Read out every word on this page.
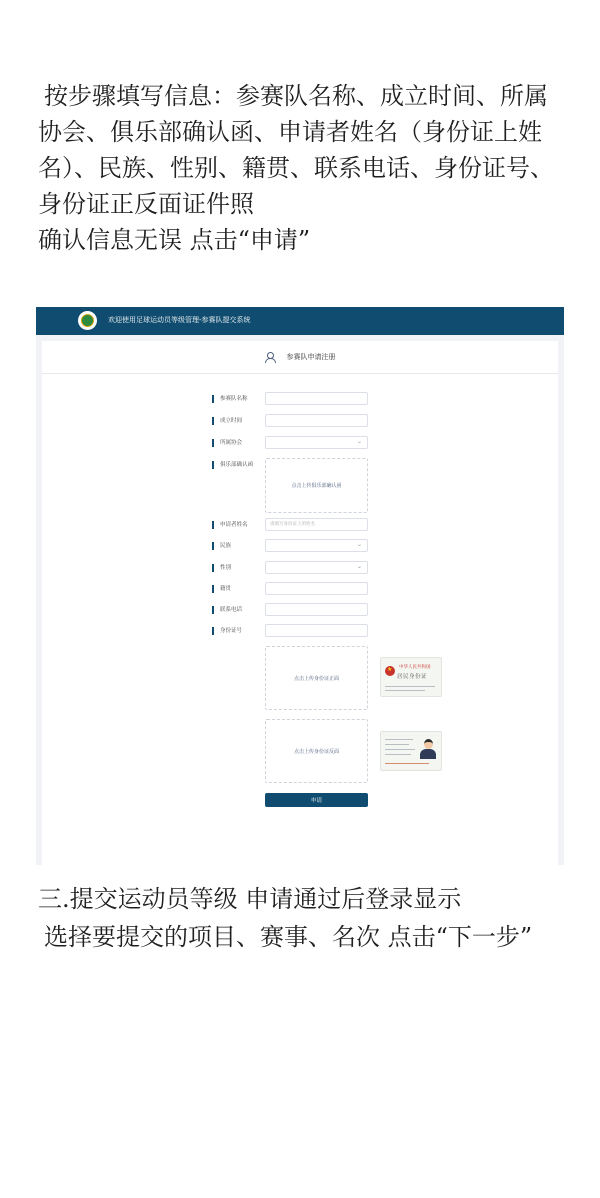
按步骤填写信息：参赛队名称、成立时间、所属协会、俱乐部确认函、申请者姓名（身份证上姓名）、民族、性别、籍贯、联系电话、身份证号、身份证正反面证件照

确认信息无误 点击“申请”

欢迎使用足球运动员等级管理-参赛队提交系统
参赛队申请注册
参赛队名称
成立时间
所属协会
⌄
俱乐部确认函
点击上传俱乐部确认函
申请者姓名	请填写身份证上的姓名
民族
⌄
性别
⌄
籍贯
联系电话
身份证号
点击上传身份证正面
★
中华人民共和国
居民身份证
点击上传身份证反面
申请

三.提交运动员等级 申请通过后登录显示

选择要提交的项目、赛事、名次 点击“下一步”
